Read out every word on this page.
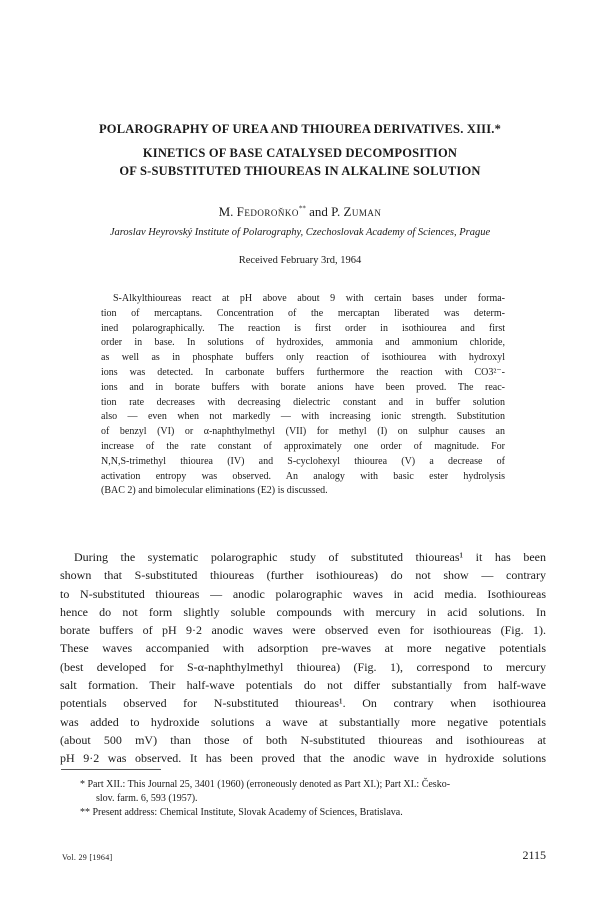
POLAROGRAPHY OF UREA AND THIOUREA DERIVATIVES. XIII.*
KINETICS OF BASE CATALYSED DECOMPOSITION
OF S-SUBSTITUTED THIOUREAS IN ALKALINE SOLUTION
M. Fedoroňko** and P. Zuman
Jaroslav Heyrovský Institute of Polarography, Czechoslovak Academy of Sciences, Prague
Received February 3rd, 1964
S-Alkylthioureas react at pH above about 9 with certain bases under forma-
tion of mercaptans. Concentration of the mercaptan liberated was determ-
ined polarographically. The reaction is first order in isothiourea and first
order in base. In solutions of hydroxides, ammonia and ammonium chloride,
as well as in phosphate buffers only reaction of isothiourea with hydroxyl
ions was detected. In carbonate buffers furthermore the reaction with CO3²⁻-
ions and in borate buffers with borate anions have been proved. The reac-
tion rate decreases with decreasing dielectric constant and in buffer solution
also — even when not markedly — with increasing ionic strength. Substitution
of benzyl (VI) or α-naphthylmethyl (VII) for methyl (I) on sulphur causes an
increase of the rate constant of approximately one order of magnitude. For
N,N,S-trimethyl thiourea (IV) and S-cyclohexyl thiourea (V) a decrease of
activation entropy was observed. An analogy with basic ester hydrolysis
(BAC 2) and bimolecular eliminations (E2) is discussed.
During the systematic polarographic study of substituted thioureas¹ it has been
shown that S-substituted thioureas (further isothioureas) do not show — contrary
to N-substituted thioureas — anodic polarographic waves in acid media. Isothioureas
hence do not form slightly soluble compounds with mercury in acid solutions. In
borate buffers of pH 9·2 anodic waves were observed even for isothioureas (Fig. 1).
These waves accompanied with adsorption pre-waves at more negative potentials
(best developed for S-α-naphthylmethyl thiourea) (Fig. 1), correspond to mercury
salt formation. Their half-wave potentials do not differ substantially from half-wave
potentials observed for N-substituted thioureas¹. On contrary when isothiourea
was added to hydroxide solutions a wave at substantially more negative potentials
(about 500 mV) than those of both N-substituted thioureas and isothioureas at
pH 9·2 was observed. It has been proved that the anodic wave in hydroxide solutions
* Part XII.: This Journal 25, 3401 (1960) (erroneously denoted as Part XI.); Part XI.: Česko-
slov. farm. 6, 593 (1957).
** Present address: Chemical Institute, Slovak Academy of Sciences, Bratislava.
Vol. 29 [1964]	2115
